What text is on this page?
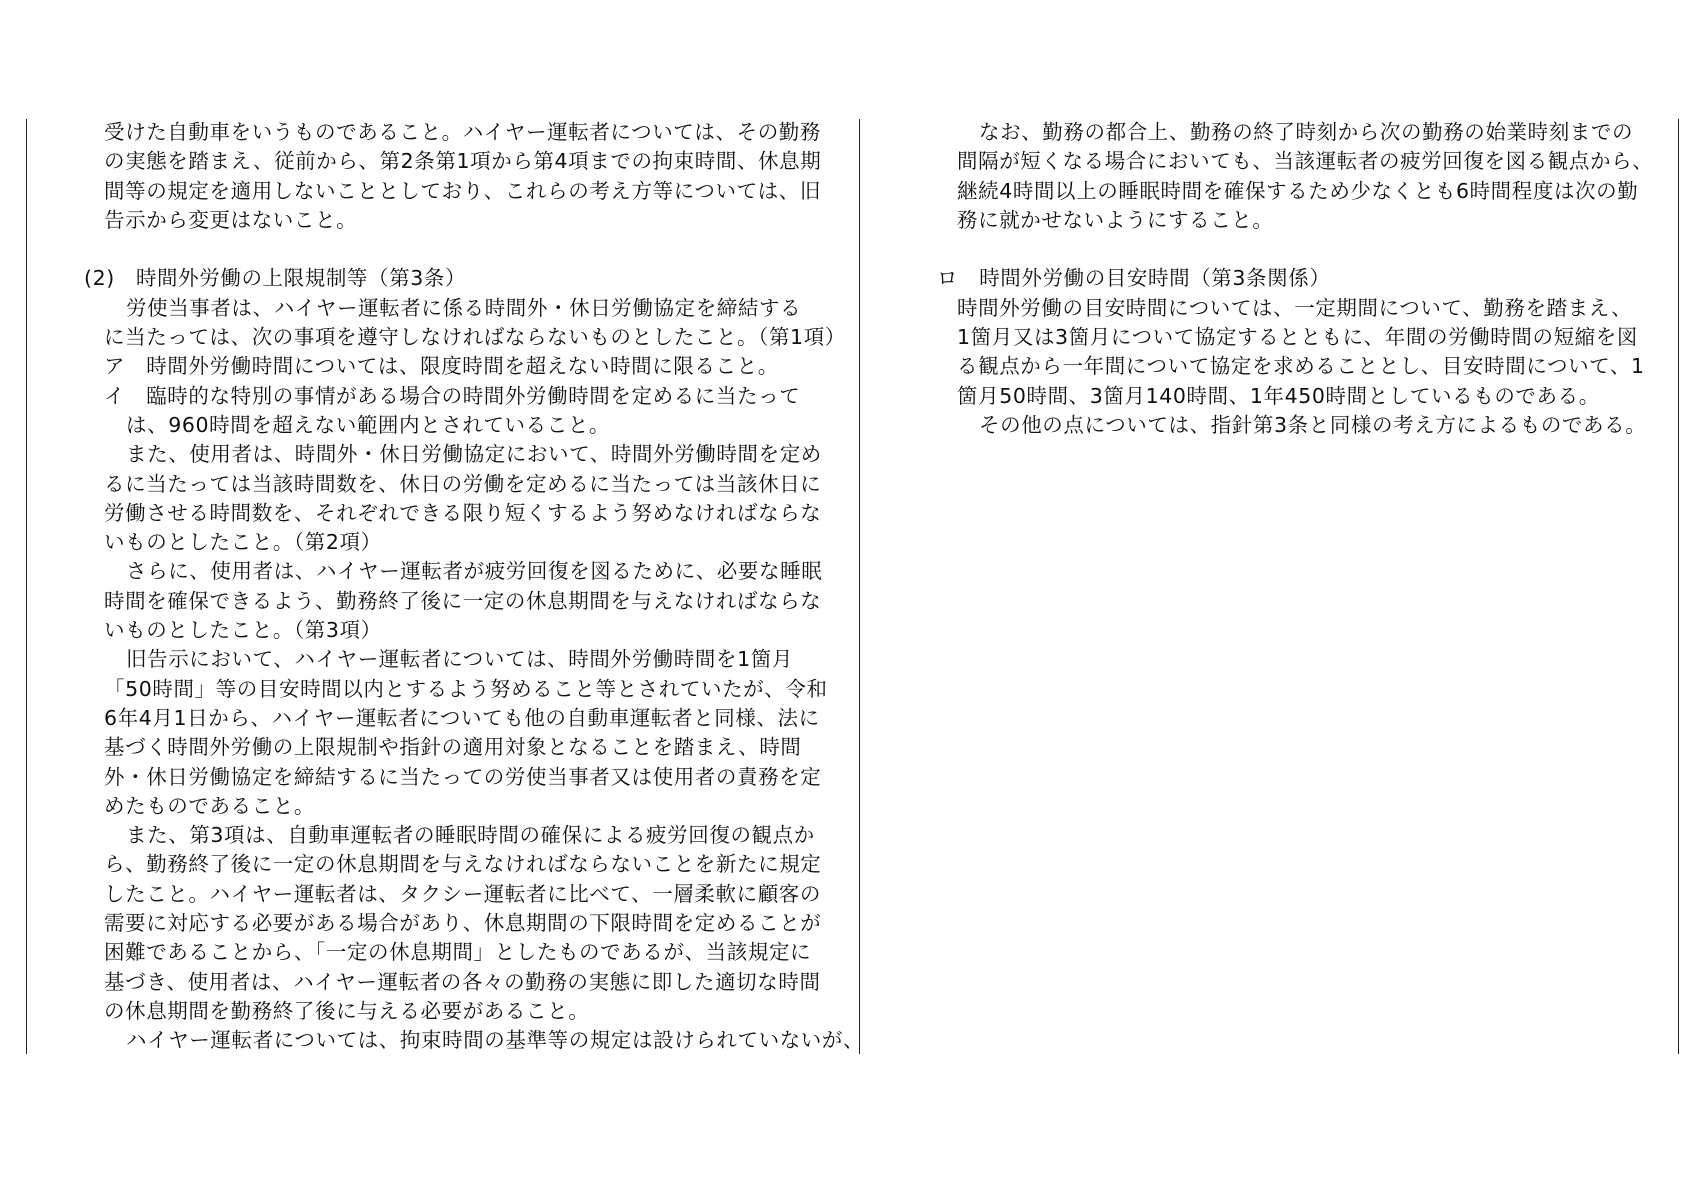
受けた自動車をいうものであること。ハイヤー運転者については、その勤務
の実態を踏まえ、従前から、第2条第1項から第4項までの拘束時間、休息期
間等の規定を適用しないこととしており、これらの考え方等については、旧
告示から変更はないこと。
(2)　時間外労働の上限規制等（第3条）
労使当事者は、ハイヤー運転者に係る時間外・休日労働協定を締結する
に当たっては、次の事項を遵守しなければならないものとしたこと。（第1項）
ア　時間外労働時間については、限度時間を超えない時間に限ること。
イ　臨時的な特別の事情がある場合の時間外労働時間を定めるに当たって
は、960時間を超えない範囲内とされていること。
また、使用者は、時間外・休日労働協定において、時間外労働時間を定め
るに当たっては当該時間数を、休日の労働を定めるに当たっては当該休日に
労働させる時間数を、それぞれできる限り短くするよう努めなければならな
いものとしたこと。（第2項）
さらに、使用者は、ハイヤー運転者が疲労回復を図るために、必要な睡眠
時間を確保できるよう、勤務終了後に一定の休息期間を与えなければならな
いものとしたこと。（第3項）
旧告示において、ハイヤー運転者については、時間外労働時間を1箇月
「50時間」等の目安時間以内とするよう努めること等とされていたが、令和
6年4月1日から、ハイヤー運転者についても他の自動車運転者と同様、法に
基づく時間外労働の上限規制や指針の適用対象となることを踏まえ、時間
外・休日労働協定を締結するに当たっての労使当事者又は使用者の責務を定
めたものであること。
また、第3項は、自動車運転者の睡眠時間の確保による疲労回復の観点か
ら、勤務終了後に一定の休息期間を与えなければならないことを新たに規定
したこと。ハイヤー運転者は、タクシー運転者に比べて、一層柔軟に顧客の
需要に対応する必要がある場合があり、休息期間の下限時間を定めることが
困難であることから、「一定の休息期間」としたものであるが、当該規定に
基づき、使用者は、ハイヤー運転者の各々の勤務の実態に即した適切な時間
の休息期間を勤務終了後に与える必要があること。
ハイヤー運転者については、拘束時間の基準等の規定は設けられていないが、
なお、勤務の都合上、勤務の終了時刻から次の勤務の始業時刻までの
間隔が短くなる場合においても、当該運転者の疲労回復を図る観点から、
継続4時間以上の睡眠時間を確保するため少なくとも6時間程度は次の勤
務に就かせないようにすること。
ロ　時間外労働の目安時間（第3条関係）
時間外労働の目安時間については、一定期間について、勤務を踏まえ、
1箇月又は3箇月について協定するとともに、年間の労働時間の短縮を図
る観点から一年間について協定を求めることとし、目安時間について、1
箇月50時間、3箇月140時間、1年450時間としているものである。
その他の点については、指針第3条と同様の考え方によるものである。
